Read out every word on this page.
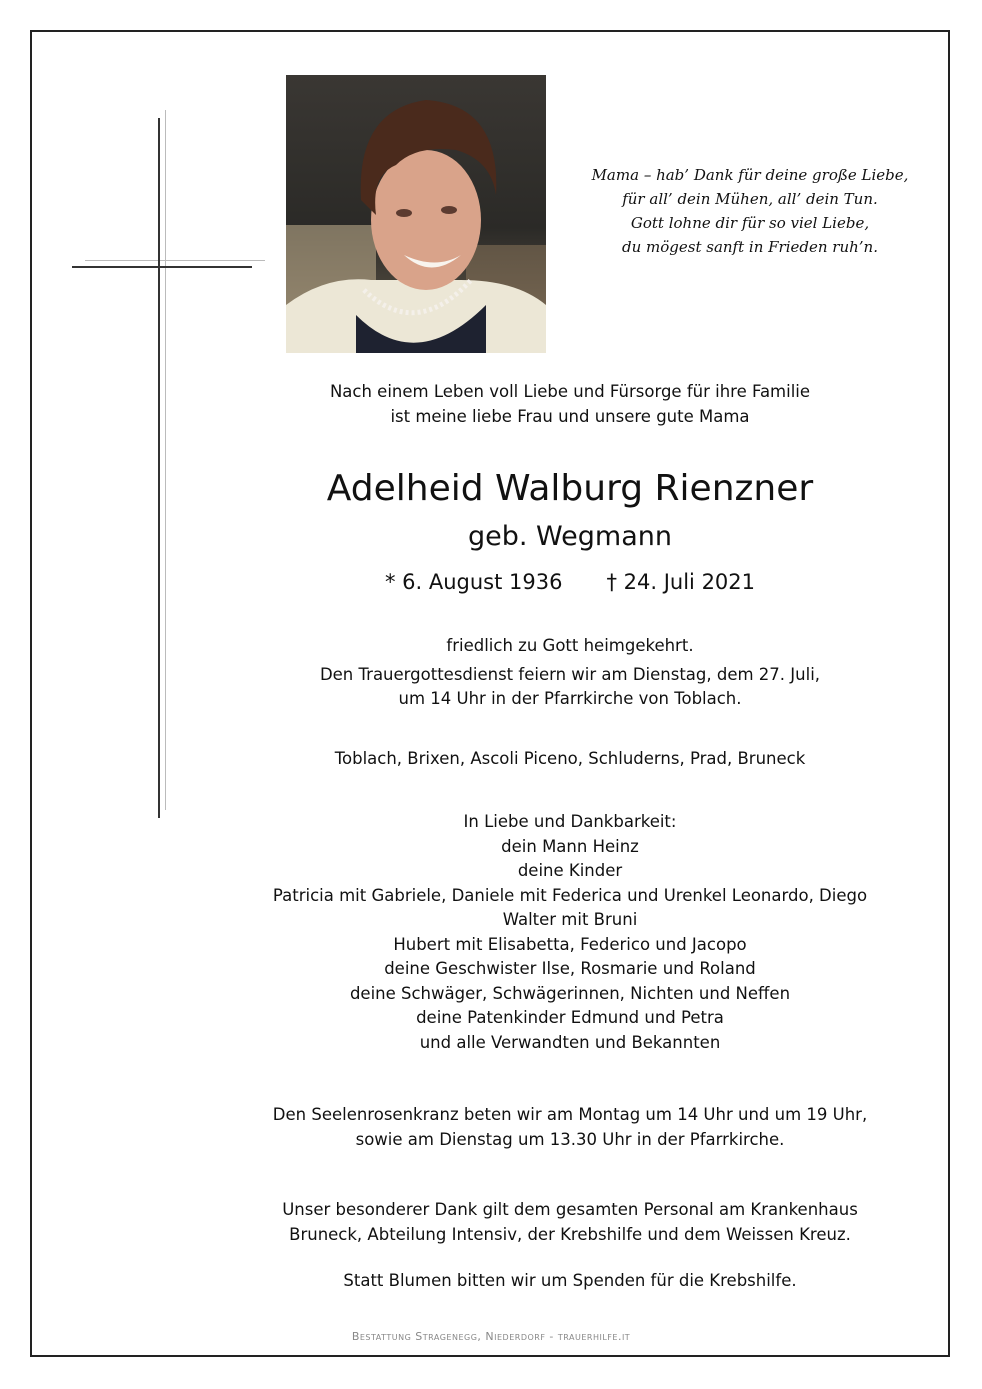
Mama – hab’ Dank für deine große Liebe,
für all’ dein Mühen, all’ dein Tun.
Gott lohne dir für so viel Liebe,
du mögest sanft in Frieden ruh’n.
Nach einem Leben voll Liebe und Fürsorge für ihre Familie
ist meine liebe Frau und unsere gute Mama
Adelheid Walburg Rienzner
geb. Wegmann
* 6. August 1936 † 24. Juli 2021
friedlich zu Gott heimgekehrt.
Den Trauergottesdienst feiern wir am Dienstag, dem 27. Juli,
um 14 Uhr in der Pfarrkirche von Toblach.
Toblach, Brixen, Ascoli Piceno, Schluderns, Prad, Bruneck
In Liebe und Dankbarkeit:
dein Mann Heinz
deine Kinder
Patricia mit Gabriele, Daniele mit Federica und Urenkel Leonardo, Diego
Walter mit Bruni
Hubert mit Elisabetta, Federico und Jacopo
deine Geschwister Ilse, Rosmarie und Roland
deine Schwäger, Schwägerinnen, Nichten und Neffen
deine Patenkinder Edmund und Petra
und alle Verwandten und Bekannten
Den Seelenrosenkranz beten wir am Montag um 14 Uhr und um 19 Uhr,
sowie am Dienstag um 13.30 Uhr in der Pfarrkirche.
Unser besonderer Dank gilt dem gesamten Personal am Krankenhaus
Bruneck, Abteilung Intensiv, der Krebshilfe und dem Weissen Kreuz.
Statt Blumen bitten wir um Spenden für die Krebshilfe.
Bestattung Stragenegg, Niederdorf - trauerhilfe.it
